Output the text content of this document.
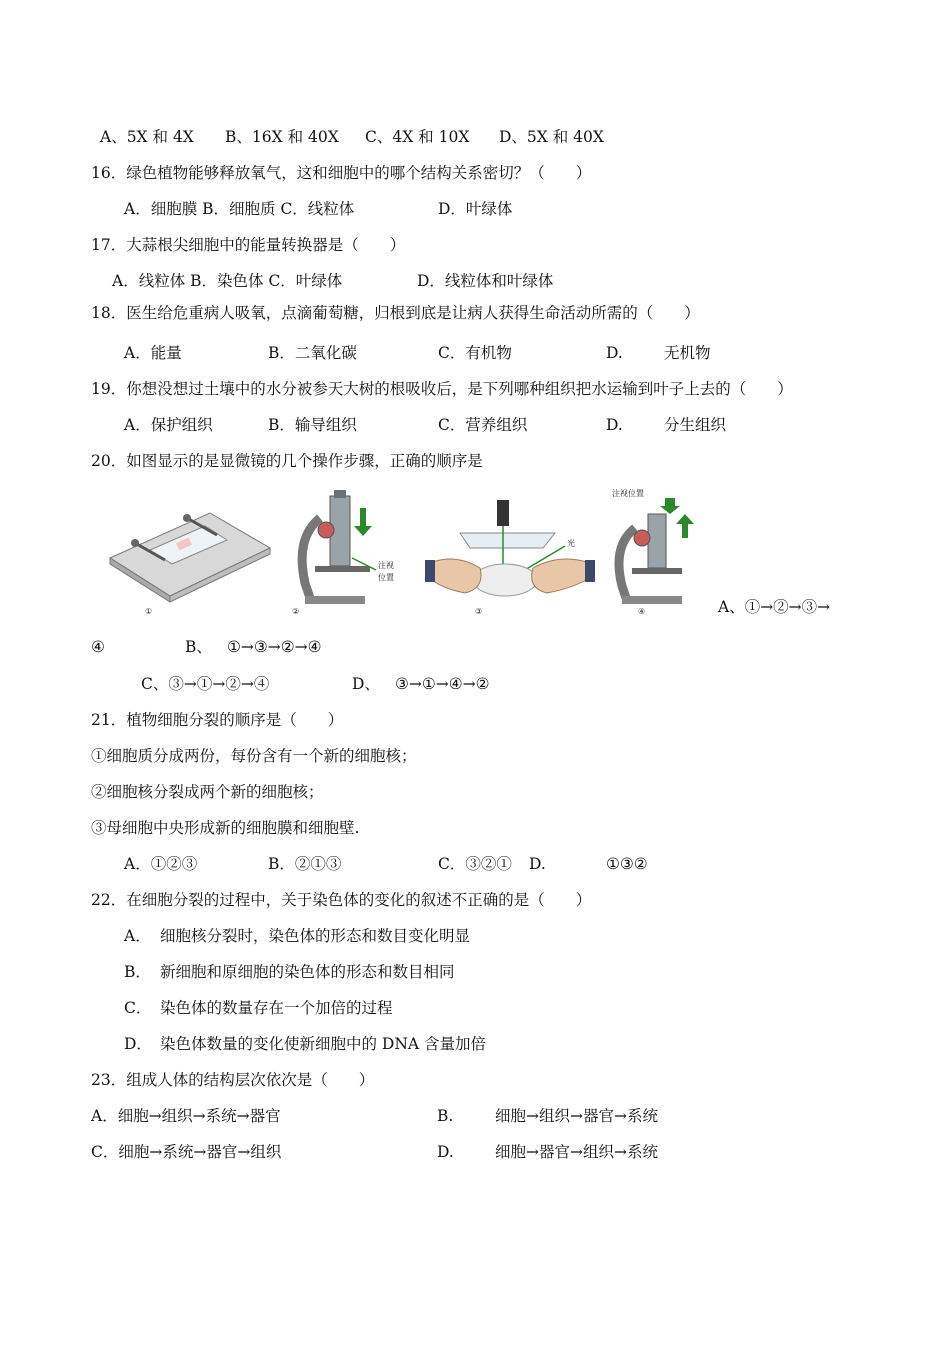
A、5X 和 4X B、16X 和 40X C、4X 和 10X D、5X 和 40X
16．绿色植物能够释放氧气，这和细胞中的哪个结构关系密切？（　　）
A．细胞膜 B．细胞质 C．线粒体	D．叶绿体
17．大蒜根尖细胞中的能量转换器是（　　）
A．线粒体 B．染色体 C．叶绿体	D．线粒体和叶绿体
18．医生给危重病人吸氧，点滴葡萄糖，归根到底是让病人获得生命活动所需的（　　）
A．能量	B．二氧化碳	C．有机物	D.	无机物
19．你想没想过土壤中的水分被参天大树的根吸收后，是下列哪种组织把水运输到叶子上去的（　　）
A．保护组织	B．输导组织	C．营养组织	D.	分生组织
20．如图显示的是显微镜的几个操作步骤，正确的顺序是
①
注视
位置
②
光
③
注视位置
④	A、①→②→③→
④	B、 ①→③→②→④
C、③→①→②→④	D、 ③→①→④→②
21．植物细胞分裂的顺序是（　　）
①细胞质分成两份，每份含有一个新的细胞核；
②细胞核分裂成两个新的细胞核；
③母细胞中央形成新的细胞膜和细胞壁.
A．①②③	B．②①③	C．③②① D.	①③②
22．在细胞分裂的过程中，关于染色体的变化的叙述不正确的是（　　）
A． 细胞核分裂时，染色体的形态和数目变化明显
B． 新细胞和原细胞的染色体的形态和数目相同
C． 染色体的数量存在一个加倍的过程
D． 染色体数量的变化使新细胞中的 DNA 含量加倍
23．组成人体的结构层次依次是（　　）
A．细胞→组织→系统→器官	B.	细胞→组织→器官→系统
C．细胞→系统→器官→组织	D.	细胞→器官→组织→系统
